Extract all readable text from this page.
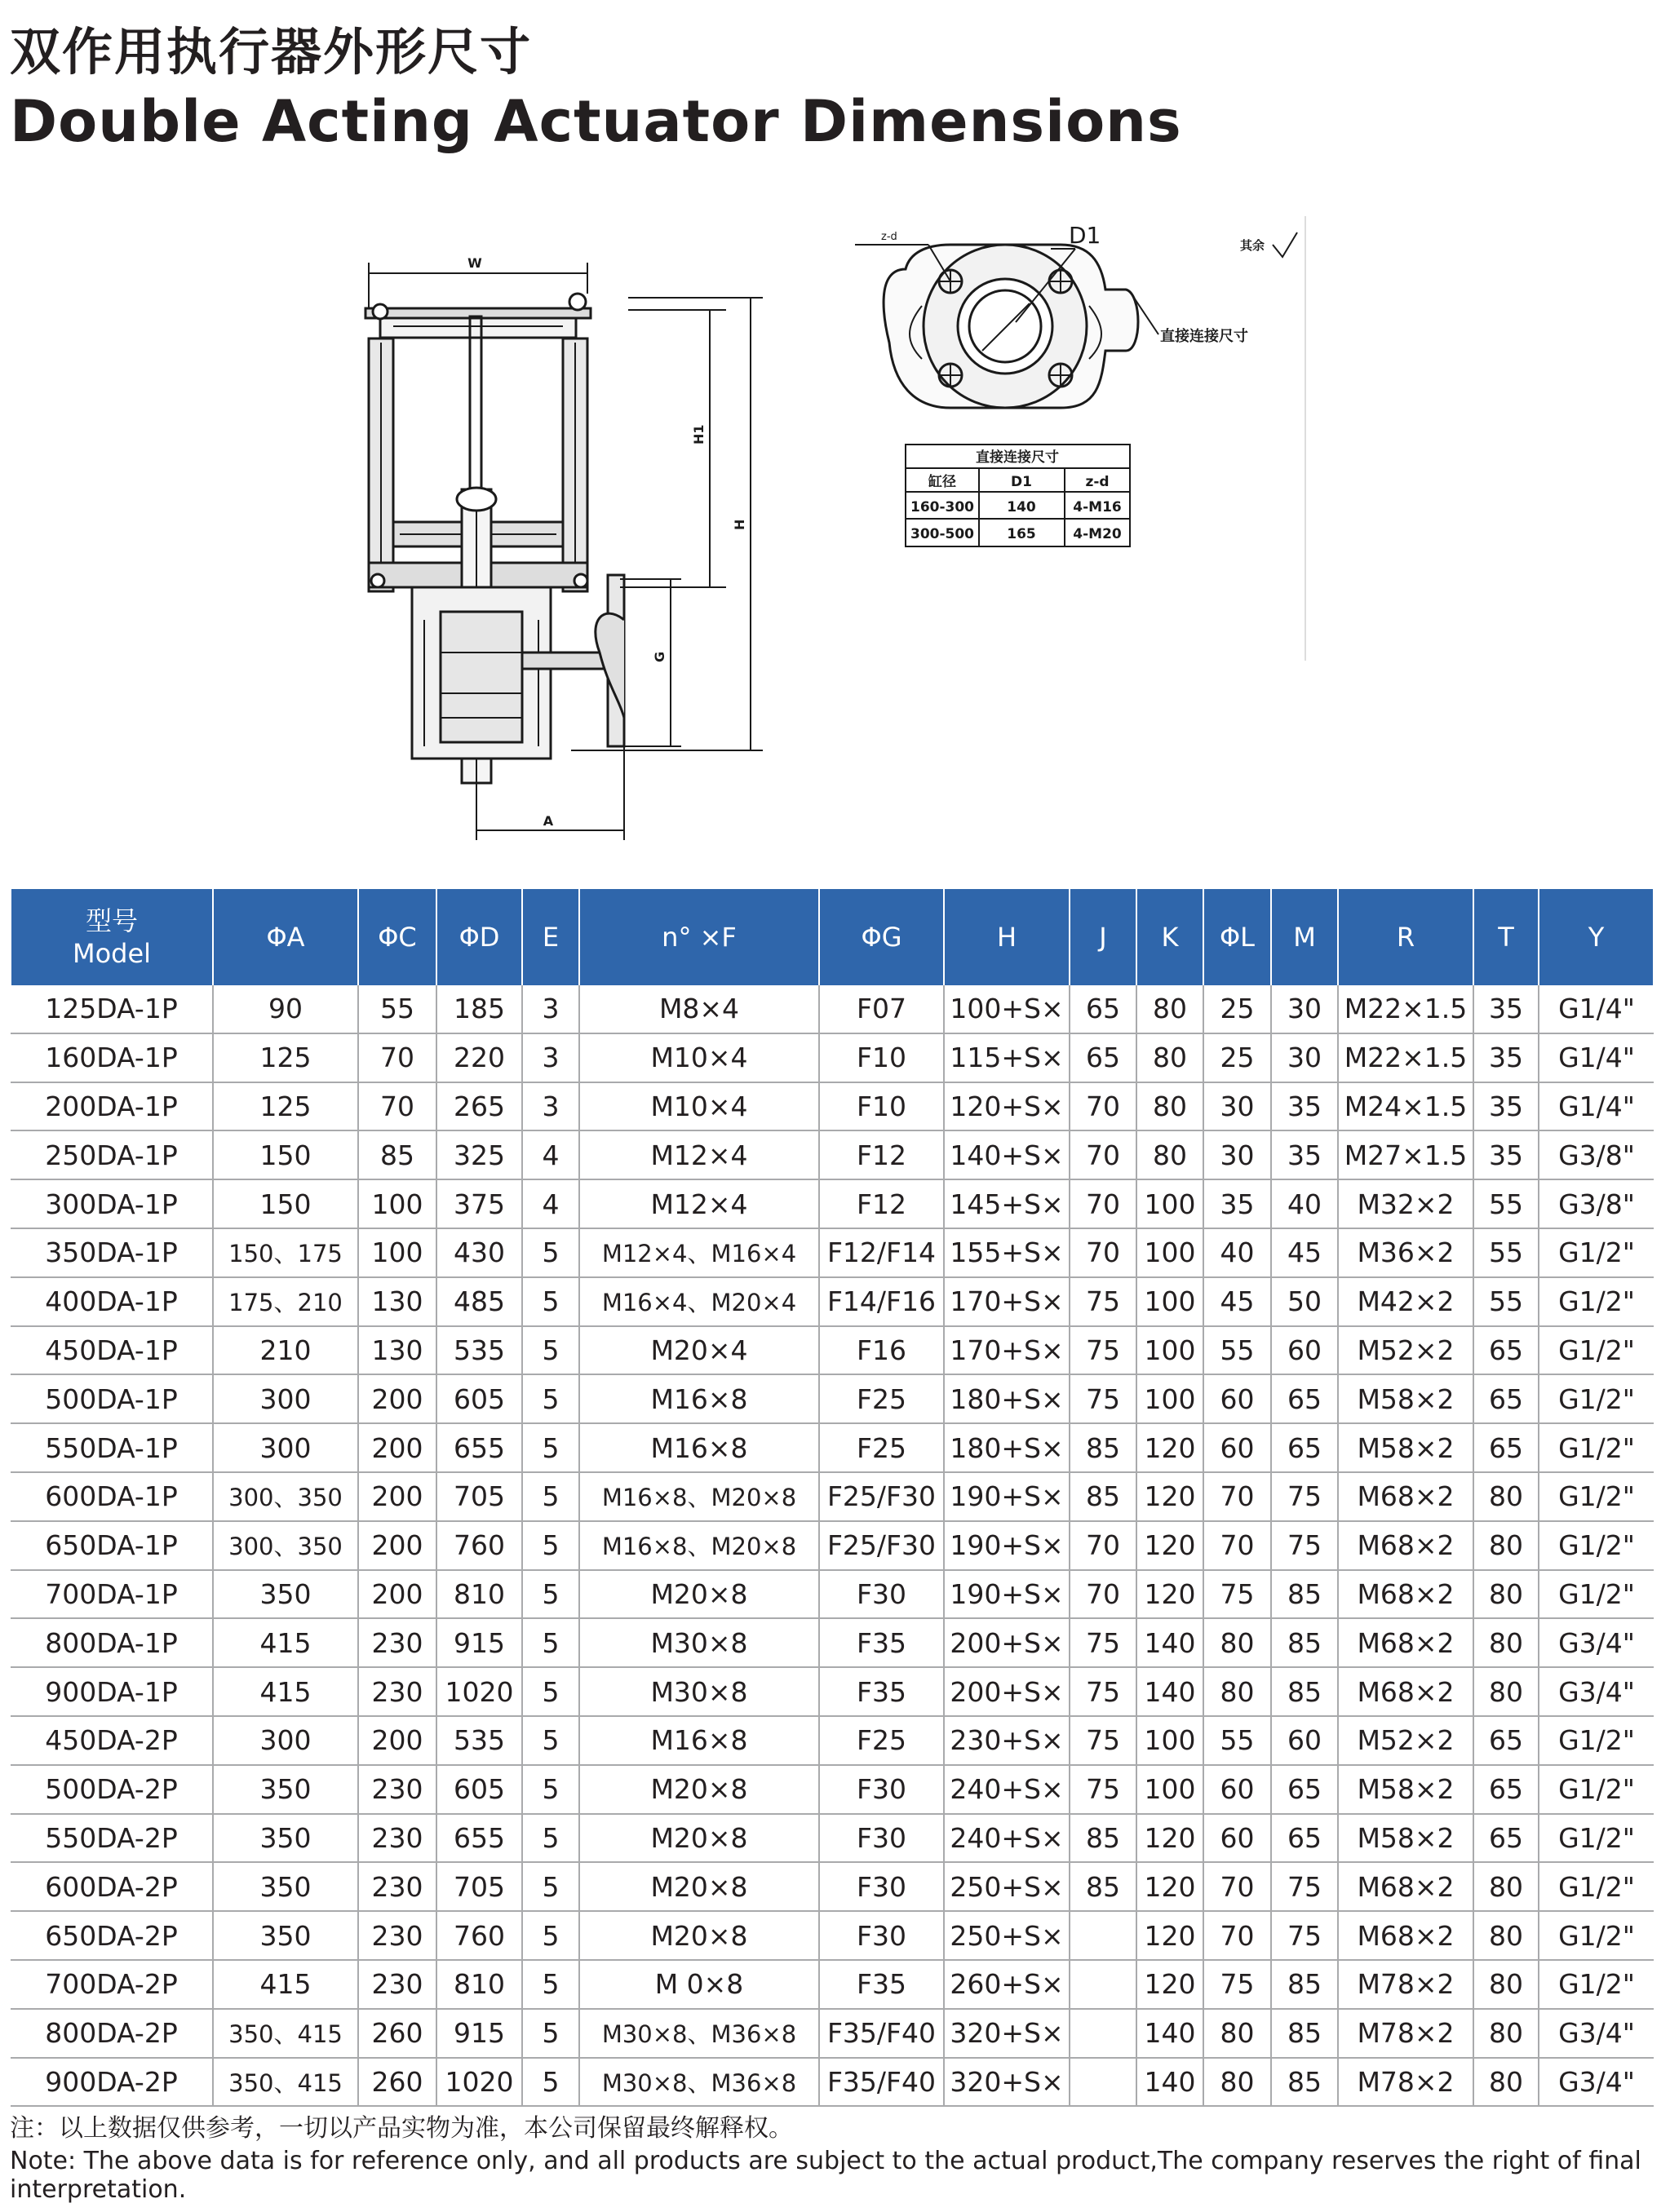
双作用执行器外形尺寸
Double Acting Actuator Dimensions
W
H1
H
G
A
z-d	D1	其余
直接连接尺寸
直接连接尺寸
缸径	D1	z-d
160-300 140	4-M16
300-500 165	4-M20
型号
Model	ΦA	ΦC	ΦD	E	n° ×F	ΦG	H	J	K	ΦL	M	R	T	Y
125DA-1P	90	55	185	3	M8×4	F07	100+S×	65	80	25	30	M22×1.5	35	G1/4"
160DA-1P	125	70	220	3	M10×4	F10	115+S×	65	80	25	30	M22×1.5	35	G1/4"
200DA-1P	125	70	265	3	M10×4	F10	120+S×	70	80	30	35	M24×1.5	35	G1/4"
250DA-1P	150	85	325	4	M12×4	F12	140+S×	70	80	30	35	M27×1.5	35	G3/8"
300DA-1P	150	100	375	4	M12×4	F12	145+S×	70	100	35	40	M32×2	55	G3/8"
350DA-1P	150、175	100	430	5	M12×4、M16×4	F12/F14	155+S×	70	100	40	45	M36×2	55	G1/2"
400DA-1P	175、210	130	485	5	M16×4、M20×4	F14/F16	170+S×	75	100	45	50	M42×2	55	G1/2"
450DA-1P	210	130	535	5	M20×4	F16	170+S×	75	100	55	60	M52×2	65	G1/2"
500DA-1P	300	200	605	5	M16×8	F25	180+S×	75	100	60	65	M58×2	65	G1/2"
550DA-1P	300	200	655	5	M16×8	F25	180+S×	85	120	60	65	M58×2	65	G1/2"
600DA-1P	300、350	200	705	5	M16×8、M20×8	F25/F30	190+S×	85	120	70	75	M68×2	80	G1/2"
650DA-1P	300、350	200	760	5	M16×8、M20×8	F25/F30	190+S×	70	120	70	75	M68×2	80	G1/2"
700DA-1P	350	200	810	5	M20×8	F30	190+S×	70	120	75	85	M68×2	80	G1/2"
800DA-1P	415	230	915	5	M30×8	F35	200+S×	75	140	80	85	M68×2	80	G3/4"
900DA-1P	415	230	1020	5	M30×8	F35	200+S×	75	140	80	85	M68×2	80	G3/4"
450DA-2P	300	200	535	5	M16×8	F25	230+S×	75	100	55	60	M52×2	65	G1/2"
500DA-2P	350	230	605	5	M20×8	F30	240+S×	75	100	60	65	M58×2	65	G1/2"
550DA-2P	350	230	655	5	M20×8	F30	240+S×	85	120	60	65	M58×2	65	G1/2"
600DA-2P	350	230	705	5	M20×8	F30	250+S×	85	120	70	75	M68×2	80	G1/2"
650DA-2P	350	230	760	5	M20×8	F30	250+S×		120	70	75	M68×2	80	G1/2"
700DA-2P	415	230	810	5	M 0×8	F35	260+S×		120	75	85	M78×2	80	G1/2"
800DA-2P	350、415	260	915	5	M30×8、M36×8	F35/F40	320+S×		140	80	85	M78×2	80	G3/4"
900DA-2P	350、415	260	1020	5	M30×8、M36×8	F35/F40	320+S×		140	80	85	M78×2	80	G3/4"

注：以上数据仅供参考，一切以产品实物为准，本公司保留最终解释权。

Note: The above data is for reference only, and all products are subject to the actual product,The company reserves the right of final interpretation.
